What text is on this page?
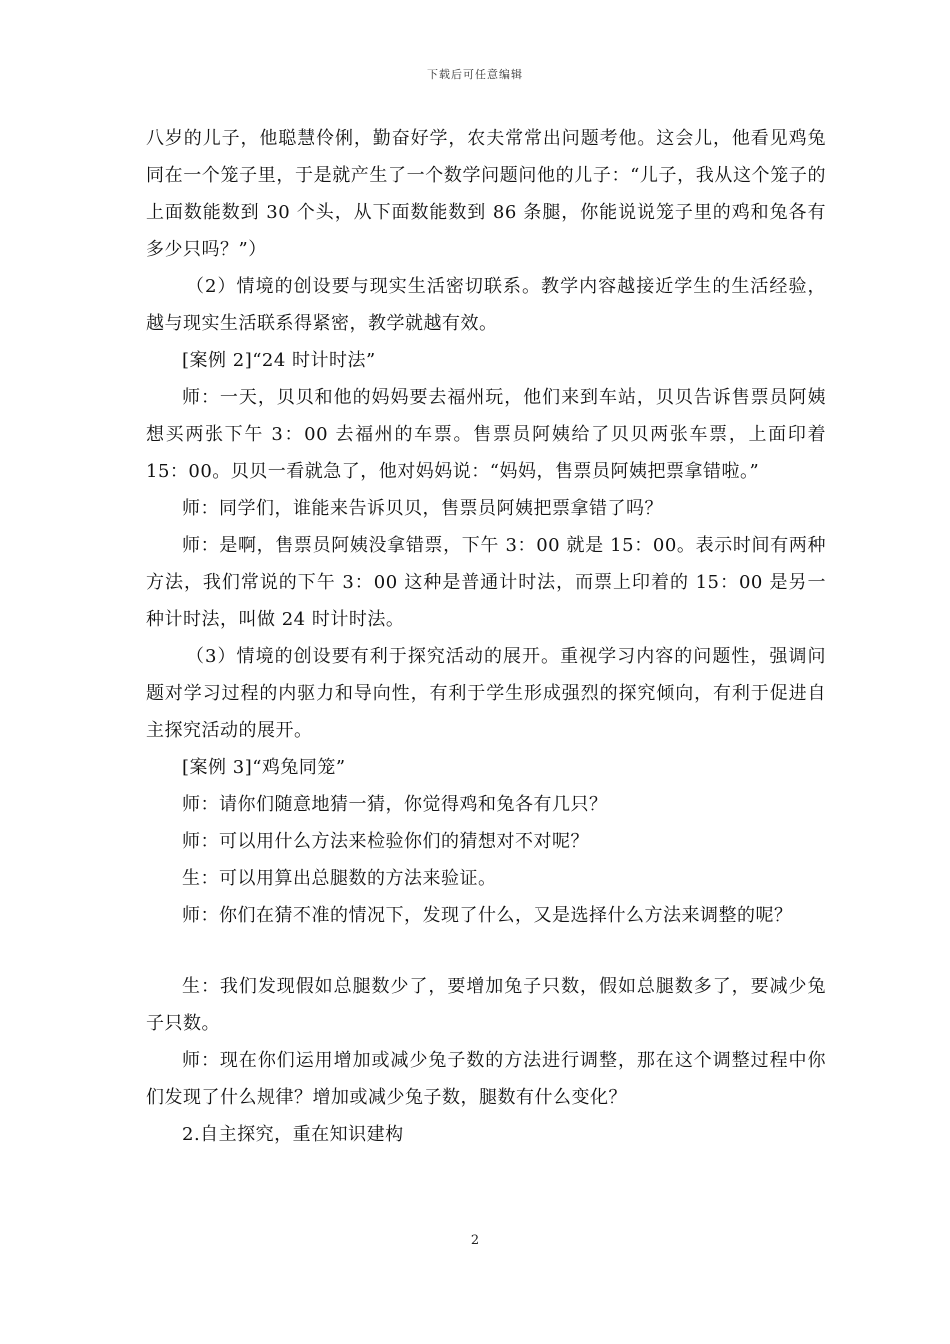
下载后可任意编辑

八岁的儿子，他聪慧伶俐，勤奋好学，农夫常常出问题考他。这会儿，他看见鸡兔同在一个笼子里，于是就产生了一个数学问题问他的儿子：“儿子，我从这个笼子的上面数能数到 30 个头，从下面数能数到 86 条腿，你能说说笼子里的鸡和兔各有多少只吗？”）

（2）情境的创设要与现实生活密切联系。教学内容越接近学生的生活经验，越与现实生活联系得紧密，教学就越有效。

[案例 2]“24 时计时法”

师：一天，贝贝和他的妈妈要去福州玩，他们来到车站，贝贝告诉售票员阿姨想买两张下午 3：00 去福州的车票。售票员阿姨给了贝贝两张车票，上面印着 15：00。贝贝一看就急了，他对妈妈说：“妈妈，售票员阿姨把票拿错啦。”

师：同学们，谁能来告诉贝贝，售票员阿姨把票拿错了吗？

师：是啊，售票员阿姨没拿错票，下午 3：00 就是 15：00。表示时间有两种方法，我们常说的下午 3：00 这种是普通计时法，而票上印着的 15：00 是另一种计时法，叫做 24 时计时法。

（3）情境的创设要有利于探究活动的展开。重视学习内容的问题性，强调问题对学习过程的内驱力和导向性，有利于学生形成强烈的探究倾向，有利于促进自主探究活动的展开。

[案例 3]“鸡兔同笼”

师：请你们随意地猜一猜，你觉得鸡和兔各有几只？

师：可以用什么方法来检验你们的猜想对不对呢？

生：可以用算出总腿数的方法来验证。

师：你们在猜不准的情况下，发现了什么，又是选择什么方法来调整的呢？

生：我们发现假如总腿数少了，要增加兔子只数，假如总腿数多了，要减少兔子只数。

师：现在你们运用增加或减少兔子数的方法进行调整，那在这个调整过程中你们发现了什么规律？增加或减少兔子数，腿数有什么变化？

2.自主探究，重在知识建构

2
